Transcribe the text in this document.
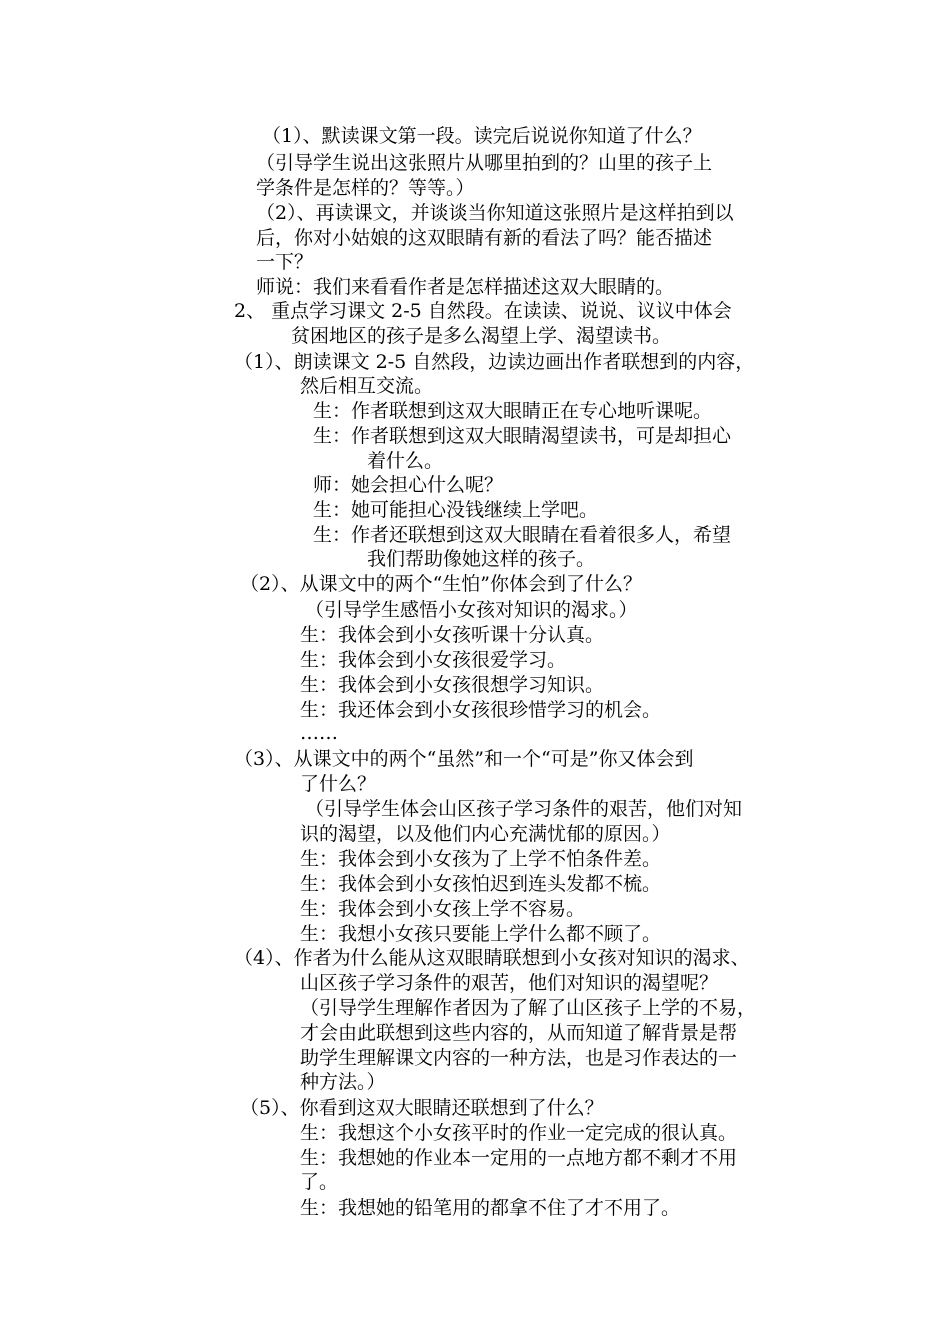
（1）、默读课文第一段。读完后说说你知道了什么？

（引导学生说出这张照片从哪里拍到的？山里的孩子上

学条件是怎样的？等等。）

（2）、再读课文，并谈谈当你知道这张照片是这样拍到以

后，你对小姑娘的这双眼睛有新的看法了吗？能否描述

一下？

师说：我们来看看作者是怎样描述这双大眼睛的。

2、 重点学习课文 2-5 自然段。在读读、说说、议议中体会

贫困地区的孩子是多么渴望上学、渴望读书。

（1）、朗读课文 2-5 自然段，边读边画出作者联想到的内容，

然后相互交流。

生：作者联想到这双大眼睛正在专心地听课呢。

生：作者联想到这双大眼睛渴望读书，可是却担心

着什么。

师：她会担心什么呢？

生：她可能担心没钱继续上学吧。

生：作者还联想到这双大眼睛在看着很多人，希望

我们帮助像她这样的孩子。

（2）、从课文中的两个“生怕”你体会到了什么？

（引导学生感悟小女孩对知识的渴求。）

生：我体会到小女孩听课十分认真。

生：我体会到小女孩很爱学习。

生：我体会到小女孩很想学习知识。

生：我还体会到小女孩很珍惜学习的机会。

……

（3）、从课文中的两个“虽然”和一个“可是”你又体会到

了什么？

（引导学生体会山区孩子学习条件的艰苦，他们对知

识的渴望，以及他们内心充满忧郁的原因。）

生：我体会到小女孩为了上学不怕条件差。

生：我体会到小女孩怕迟到连头发都不梳。

生：我体会到小女孩上学不容易。

生：我想小女孩只要能上学什么都不顾了。

（4）、作者为什么能从这双眼睛联想到小女孩对知识的渴求、

山区孩子学习条件的艰苦，他们对知识的渴望呢？

（引导学生理解作者因为了解了山区孩子上学的不易，

才会由此联想到这些内容的，从而知道了解背景是帮

助学生理解课文内容的一种方法，也是习作表达的一

种方法。）

（5）、你看到这双大眼睛还联想到了什么？

生：我想这个小女孩平时的作业一定完成的很认真。

生：我想她的作业本一定用的一点地方都不剩才不用

了。

生：我想她的铅笔用的都拿不住了才不用了。
